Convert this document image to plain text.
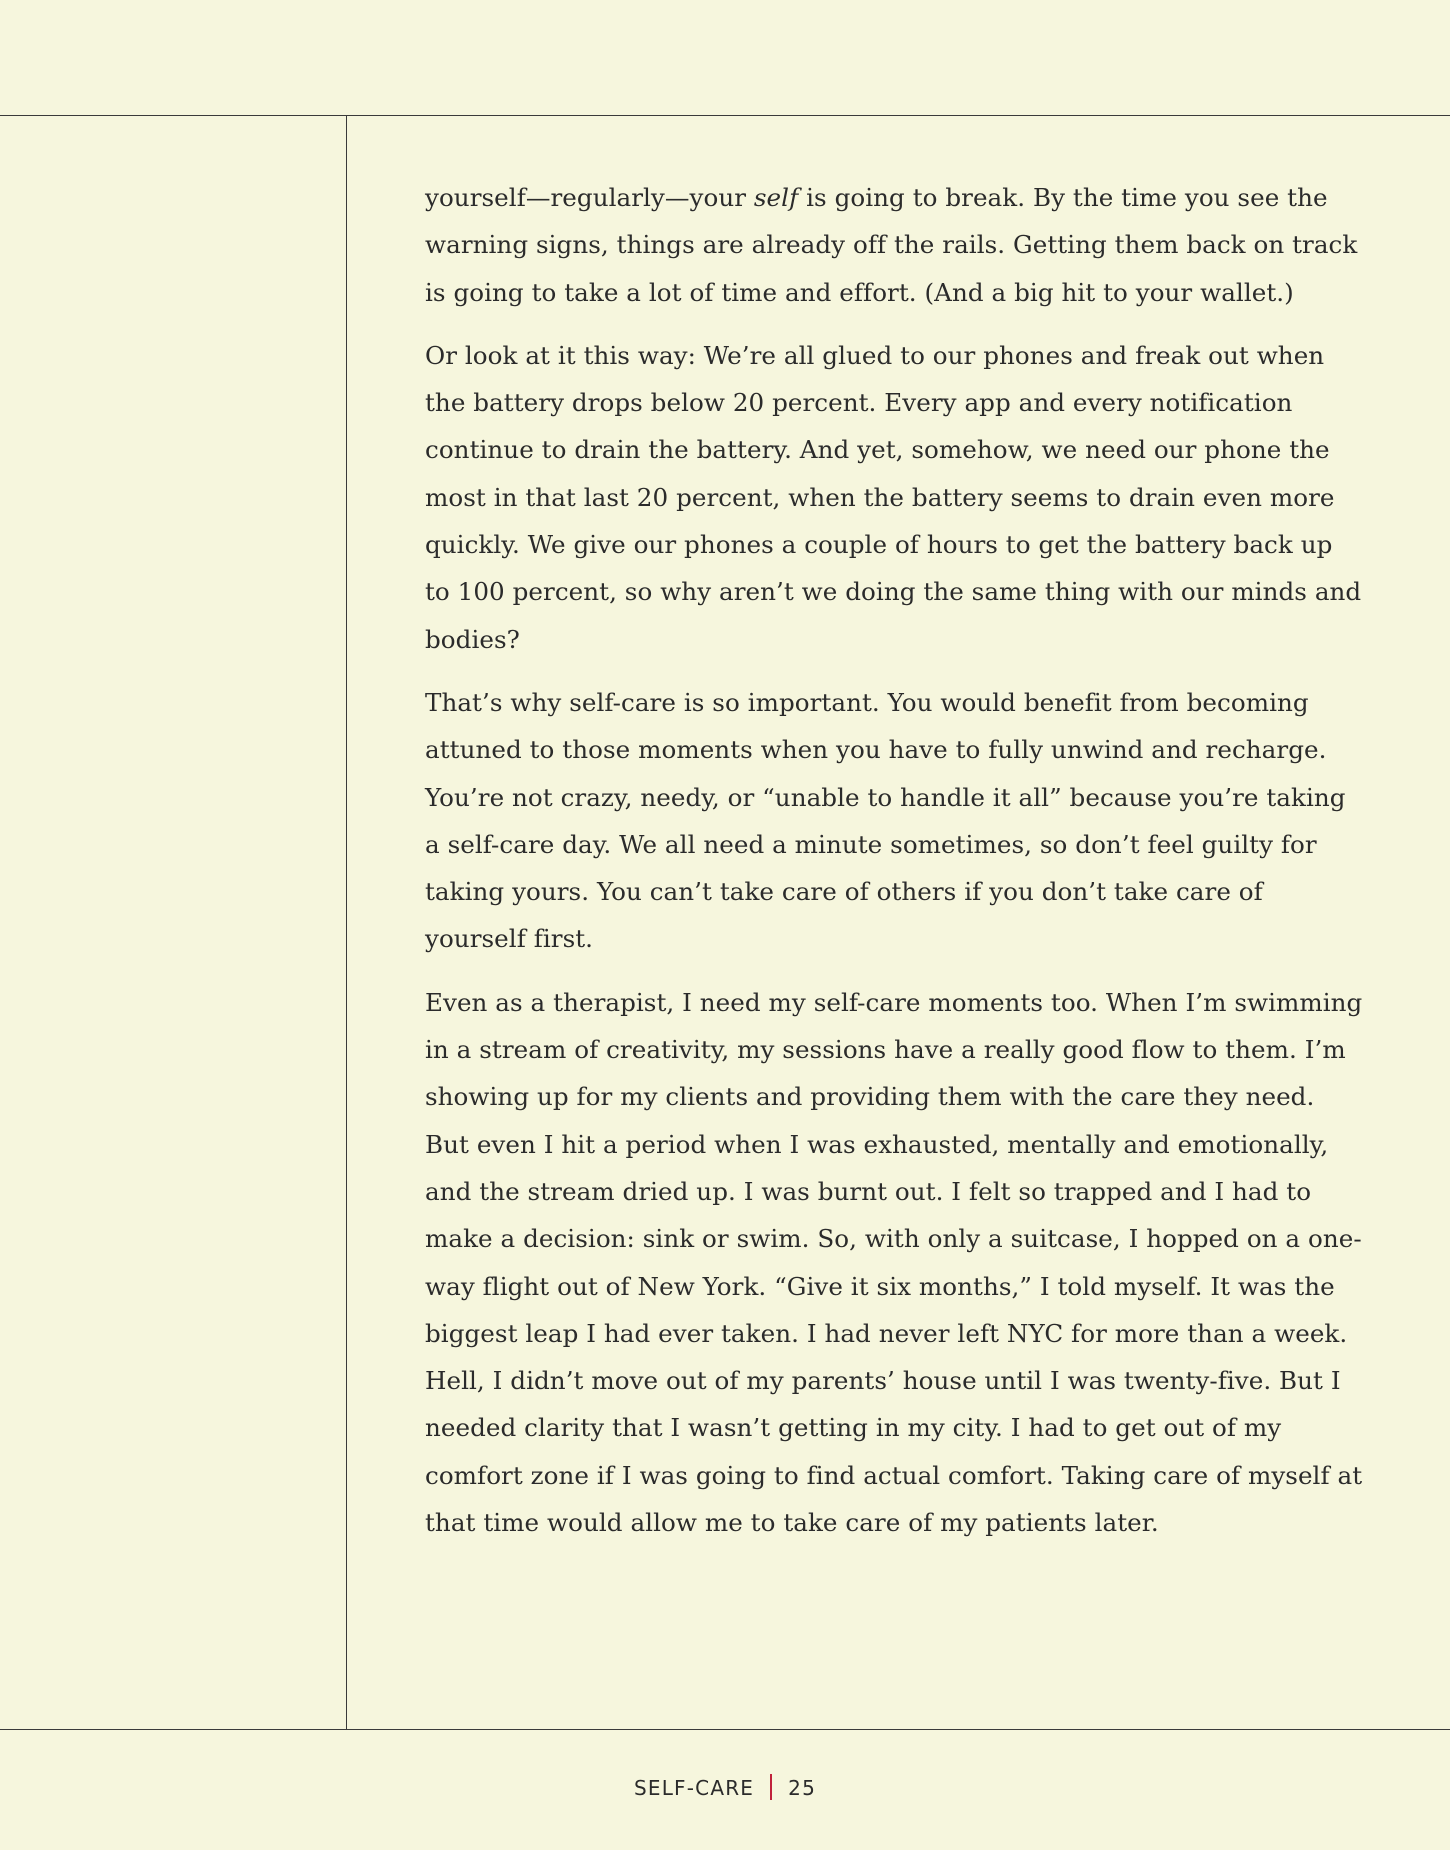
yourself—regularly—your self is going to break. By the time you see the warning signs, things are already off the rails. Getting them back on track is going to take a lot of time and effort. (And a big hit to your wallet.)

Or look at it this way: We’re all glued to our phones and freak out when the battery drops below 20 percent. Every app and every notification continue to drain the battery. And yet, somehow, we need our phone the most in that last 20 percent, when the battery seems to drain even more quickly. We give our phones a couple of hours to get the battery back up to 100 percent, so why aren’t we doing the same thing with our minds and bodies?

That’s why self-care is so important. You would benefit from becoming attuned to those moments when you have to fully unwind and recharge. You’re not crazy, needy, or “unable to handle it all” because you’re taking a self-care day. We all need a minute sometimes, so don’t feel guilty for taking yours. You can’t take care of others if you don’t take care of yourself first.

Even as a therapist, I need my self-care moments too. When I’m swimming in a stream of creativity, my sessions have a really good flow to them. I’m showing up for my clients and providing them with the care they need. But even I hit a period when I was exhausted, mentally and emotionally, and the stream dried up. I was burnt out. I felt so trapped and I had to make a decision: sink or swim. So, with only a suitcase, I hopped on a one-way flight out of New York. “Give it six months,” I told myself. It was the biggest leap I had ever taken. I had never left NYC for more than a week. Hell, I didn’t move out of my parents’ house until I was twenty-five. But I needed clarity that I wasn’t getting in my city. I had to get out of my comfort zone if I was going to find actual comfort. Taking care of myself at that time would allow me to take care of my patients later.

SELF-CARE 25
